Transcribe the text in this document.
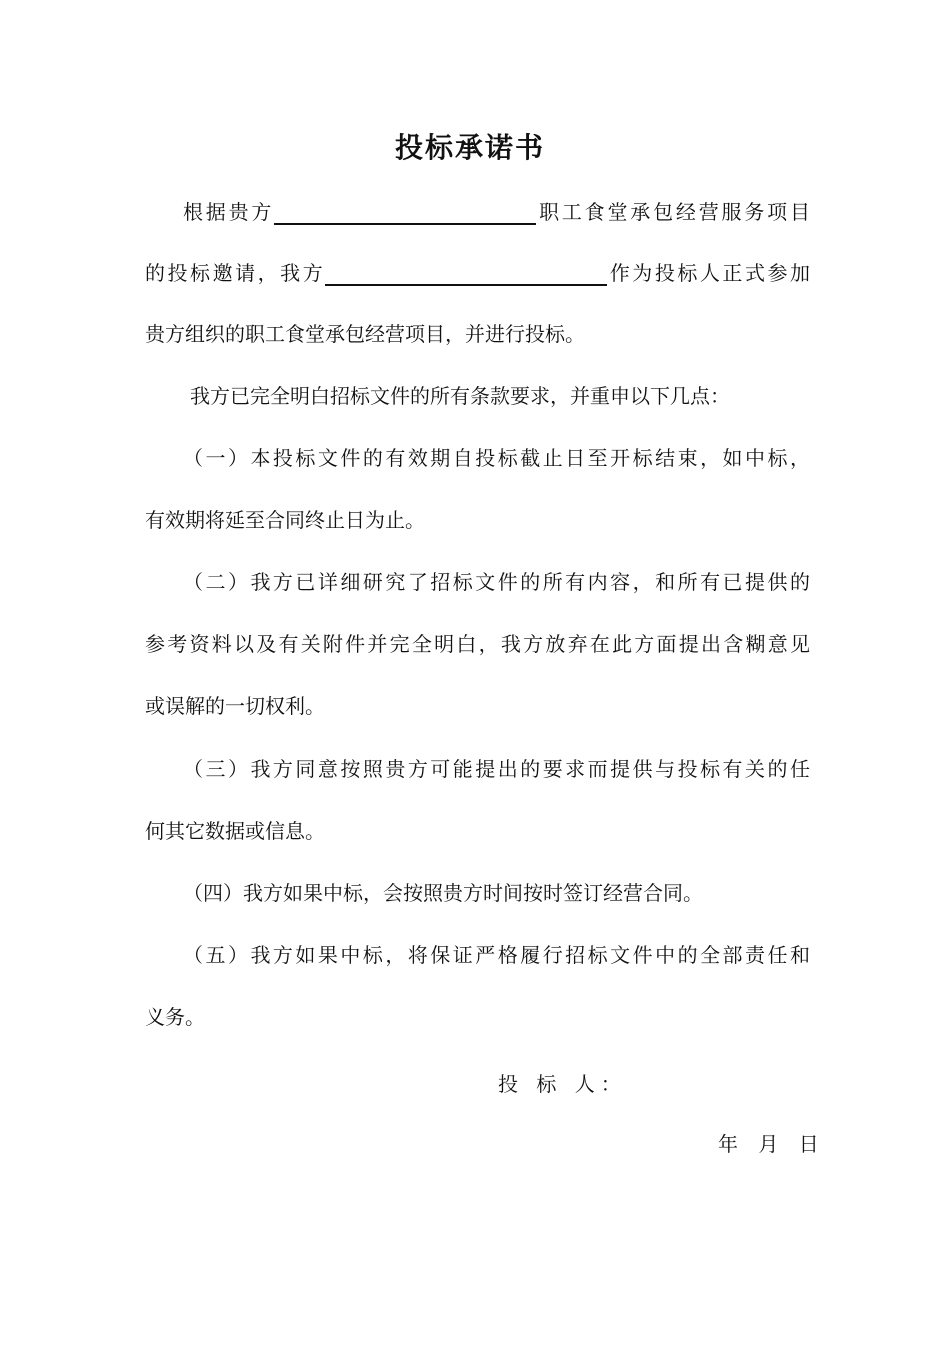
投标承诺书
根据贵方	职工食堂承包经营服务项目
的投标邀请，我方	作为投标人正式参加
贵方组织的职工食堂承包经营项目，并进行投标。
我方已完全明白招标文件的所有条款要求，并重申以下几点：
（一）本投标文件的有效期自投标截止日至开标结束，如中标，
有效期将延至合同终止日为止。
（二）我方已详细研究了招标文件的所有内容，和所有已提供的
参考资料以及有关附件并完全明白，我方放弃在此方面提出含糊意见
或误解的一切权利。
（三）我方同意按照贵方可能提出的要求而提供与投标有关的任
何其它数据或信息。
（四）我方如果中标，会按照贵方时间按时签订经营合同。
（五）我方如果中标，将保证严格履行招标文件中的全部责任和
义务。
投 标 人：
年 月 日
